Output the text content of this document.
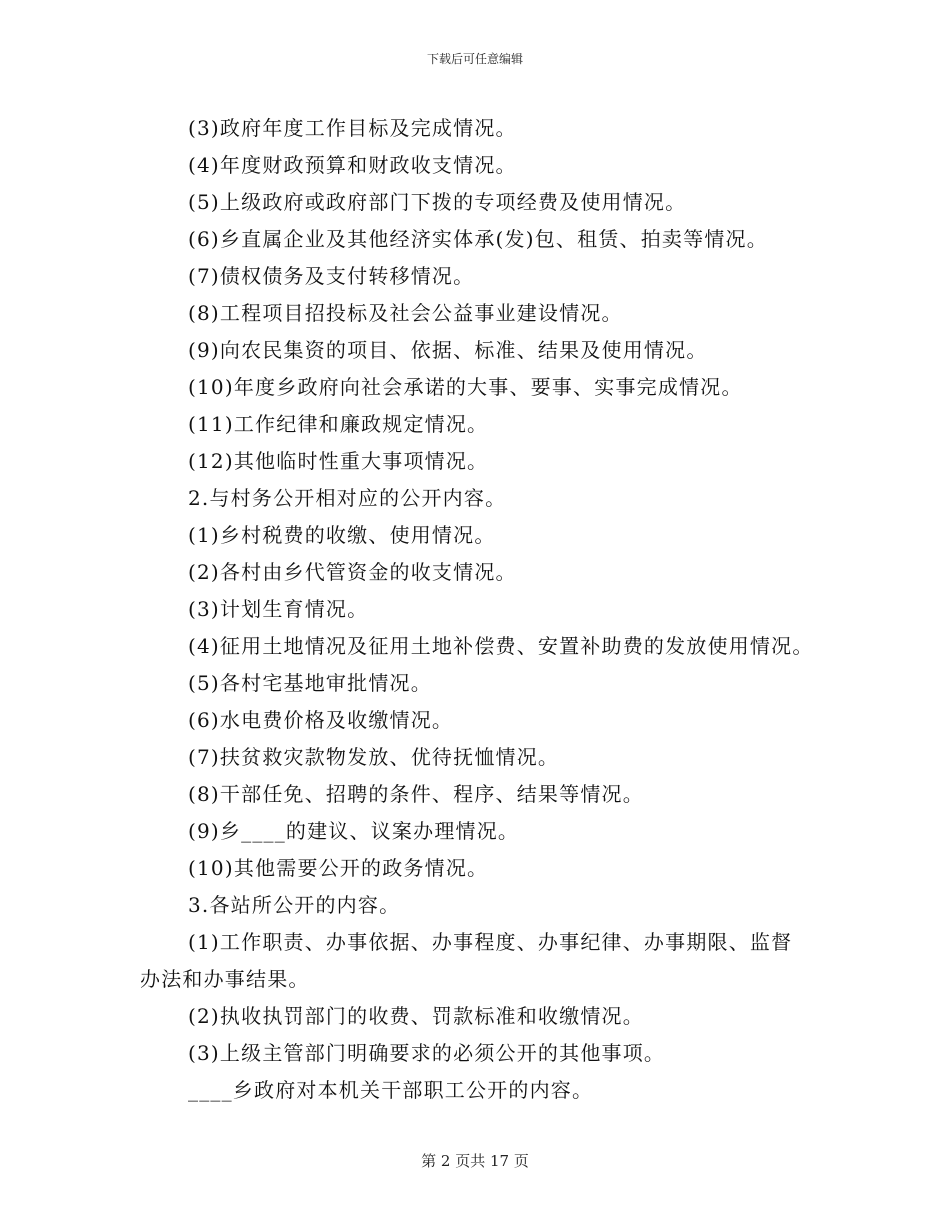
下载后可任意编辑
(3)政府年度工作目标及完成情况。
(4)年度财政预算和财政收支情况。
(5)上级政府或政府部门下拨的专项经费及使用情况。
(6)乡直属企业及其他经济实体承(发)包、租赁、拍卖等情况。
(7)债权债务及支付转移情况。
(8)工程项目招投标及社会公益事业建设情况。
(9)向农民集资的项目、依据、标准、结果及使用情况。
(10)年度乡政府向社会承诺的大事、要事、实事完成情况。
(11)工作纪律和廉政规定情况。
(12)其他临时性重大事项情况。
2.与村务公开相对应的公开内容。
(1)乡村税费的收缴、使用情况。
(2)各村由乡代管资金的收支情况。
(3)计划生育情况。
(4)征用土地情况及征用土地补偿费、安置补助费的发放使用情况。
(5)各村宅基地审批情况。
(6)水电费价格及收缴情况。
(7)扶贫救灾款物发放、优待抚恤情况。
(8)干部任免、招聘的条件、程序、结果等情况。
(9)乡____的建议、议案办理情况。
(10)其他需要公开的政务情况。
3.各站所公开的内容。
(1)工作职责、办事依据、办事程度、办事纪律、办事期限、监督
办法和办事结果。
(2)执收执罚部门的收费、罚款标准和收缴情况。
(3)上级主管部门明确要求的必须公开的其他事项。
____乡政府对本机关干部职工公开的内容。
第 2 页共 17 页
